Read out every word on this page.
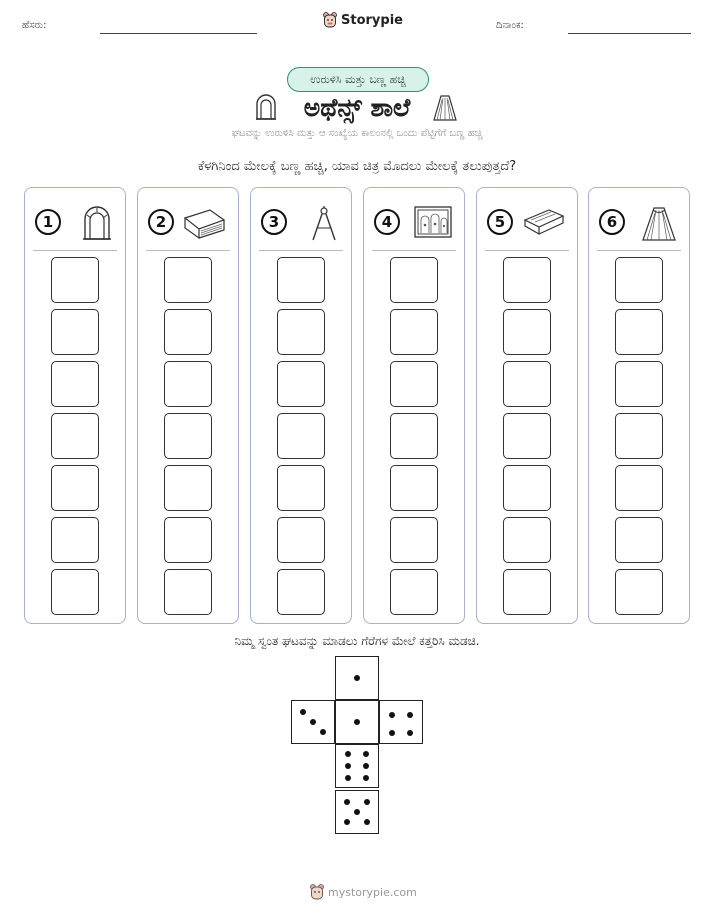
ಹೆಸರು:	Storypie	ದಿನಾಂಕ:
ಉರುಳಿಸಿ ಮತ್ತು ಬಣ್ಣ ಹಚ್ಚಿ
ಅಥೆನ್ಸ್ ಶಾಲೆ
ಘಟವನ್ನು ಉರುಳಿಸಿ ಮತ್ತು ಆ ಸಂಖ್ಯೆಯ ಕಾಲಂನಲ್ಲಿ ಒಂದು ಪೆಟ್ಟಿಗೆಗೆ ಬಣ್ಣ ಹಚ್ಚಿ
ಕೆಳಗಿನಿಂದ ಮೇಲಕ್ಕೆ ಬಣ್ಣ ಹಚ್ಚಿ, ಯಾವ ಚಿತ್ರ ಮೊದಲು ಮೇಲಕ್ಕೆ ತಲುಪುತ್ತದೆ?
1	2	3	4	5	6
ನಿಮ್ಮ ಸ್ವಂತ ಘಟವನ್ನು ಮಾಡಲು ಗೆರೆಗಳ ಮೇಲೆ ಕತ್ತರಿಸಿ ಮಡಚಿ.
mystorypie.com
